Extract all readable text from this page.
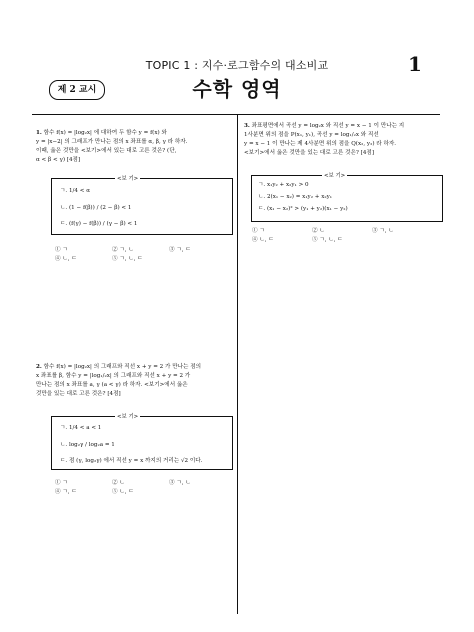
TOPIC 1 : 지수·로그함수의 대소비교	1
제 2 교시	수학 영역
1. 함수 f(x) = |log₂x| 에 대하여 두 함수 y = f(x) 와
y = |x−2| 의 그래프가 만나는 점의 x 좌표를 α, β, γ 라 하자.
이때, 옳은 것만을 <보기>에서 있는 대로 고른 것은? (단,
α < β < γ) [4점]
<보 기>
ㄱ. 1/4 < α
ㄴ. (1 − f(β)) / (2 − β) < 1
ㄷ. (f(γ) − f(β)) / (γ − β) < 1
① ㄱ	② ㄱ, ㄴ	③ ㄱ, ㄷ
④ ㄴ, ㄷ	⑤ ㄱ, ㄴ, ㄷ
2. 함수 f(x) = |log₂x| 의 그래프와 직선 x + y = 2 가 만나는 점의
x 좌표를 β, 함수 y = |log₁/₂x| 의 그래프와 직선 x + y = 2 가
만나는 점의 x 좌표를 a, γ (a < γ) 라 하자. <보기>에서 옳은
것만을 있는 대로 고른 것은? [4점]
<보 기>
ㄱ. 1/4 < a < 1
ㄴ. log₂γ / log₂a = 1
ㄷ. 점 (γ, log₂γ) 에서 직선 y = x 까지의 거리는 √2 이다.
① ㄱ	② ㄴ	③ ㄱ, ㄴ
④ ㄱ, ㄷ	⑤ ㄴ, ㄷ
3. 좌표평면에서 곡선 y = log₂x 와 직선 y = x − 1 이 만나는 지
1사분면 위의 점을 P(x₁, y₁), 곡선 y = log₁/₂x 와 직선
y = x − 1 이 만나는 제 4사분면 위의 점을 Q(x₂, y₂) 라 하자.
<보기>에서 옳은 것만을 있는 대로 고른 것은? [4점]
<보 기>
ㄱ. x₁y₂ + x₂y₁ > 0
ㄴ. 2(x₁ − x₂) = x₁y₂ + x₂y₁
ㄷ. (x₁ − x₂)² > (y₁ + y₂)(x₁ − y₂)
① ㄱ	② ㄴ	③ ㄱ, ㄴ
④ ㄴ, ㄷ	⑤ ㄱ, ㄴ, ㄷ
